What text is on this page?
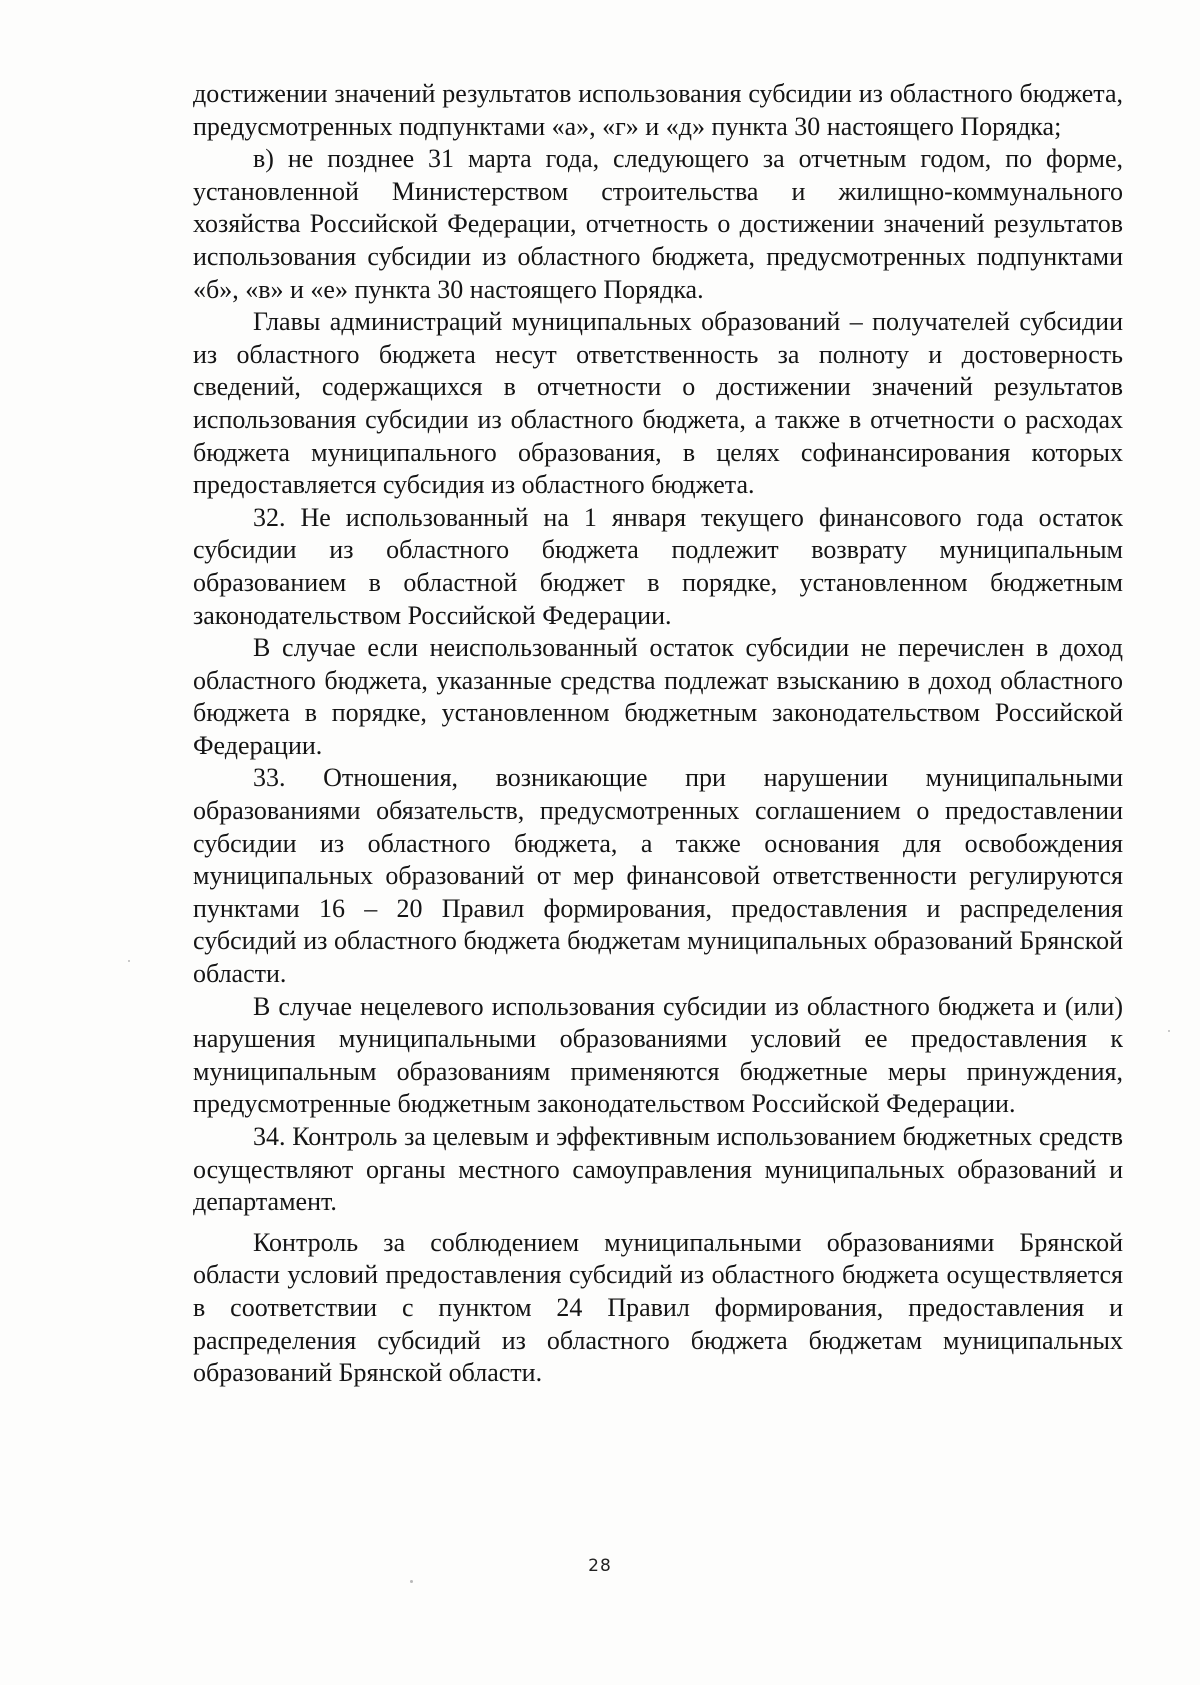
достижении значений результатов использования субсидии из областного бюджета, предусмотренных подпунктами «а», «г» и «д» пункта 30 настоящего Порядка;

в) не позднее 31 марта года, следующего за отчетным годом, по форме, установленной Министерством строительства и жилищно-коммунального хозяйства Российской Федерации, отчетность о достижении значений результатов использования субсидии из областного бюджета, предусмотренных подпунктами «б», «в» и «е» пункта 30 настоящего Порядка.

Главы администраций муниципальных образований – получателей субсидии из областного бюджета несут ответственность за полноту и достоверность сведений, содержащихся в отчетности о достижении значений результатов использования субсидии из областного бюджета, а также в отчетности о расходах бюджета муниципального образования, в целях софинансирования которых предоставляется субсидия из областного бюджета.

32. Не использованный на 1 января текущего финансового года остаток субсидии из областного бюджета подлежит возврату муниципальным образованием в областной бюджет в порядке, установленном бюджетным законодательством Российской Федерации.

В случае если неиспользованный остаток субсидии не перечислен в доход областного бюджета, указанные средства подлежат взысканию в доход областного бюджета в порядке, установленном бюджетным законодательством Российской Федерации.

33. Отношения, возникающие при нарушении муниципальными образованиями обязательств, предусмотренных соглашением о предоставлении субсидии из областного бюджета, а также основания для освобождения муниципальных образований от мер финансовой ответственности регулируются пунктами 16 – 20 Правил формирования, предоставления и распределения субсидий из областного бюджета бюджетам муниципальных образований Брянской области.

В случае нецелевого использования субсидии из областного бюджета и (или) нарушения муниципальными образованиями условий ее предоставления к муниципальным образованиям применяются бюджетные меры принуждения, предусмотренные бюджетным законодательством Российской Федерации.

34. Контроль за целевым и эффективным использованием бюджетных средств осуществляют органы местного самоуправления муниципальных образований и департамент.

Контроль за соблюдением муниципальными образованиями Брянской области условий предоставления субсидий из областного бюджета осуществляется в соответствии с пунктом 24 Правил формирования, предоставления и распределения субсидий из областного бюджета бюджетам муниципальных образований Брянской области.

28
